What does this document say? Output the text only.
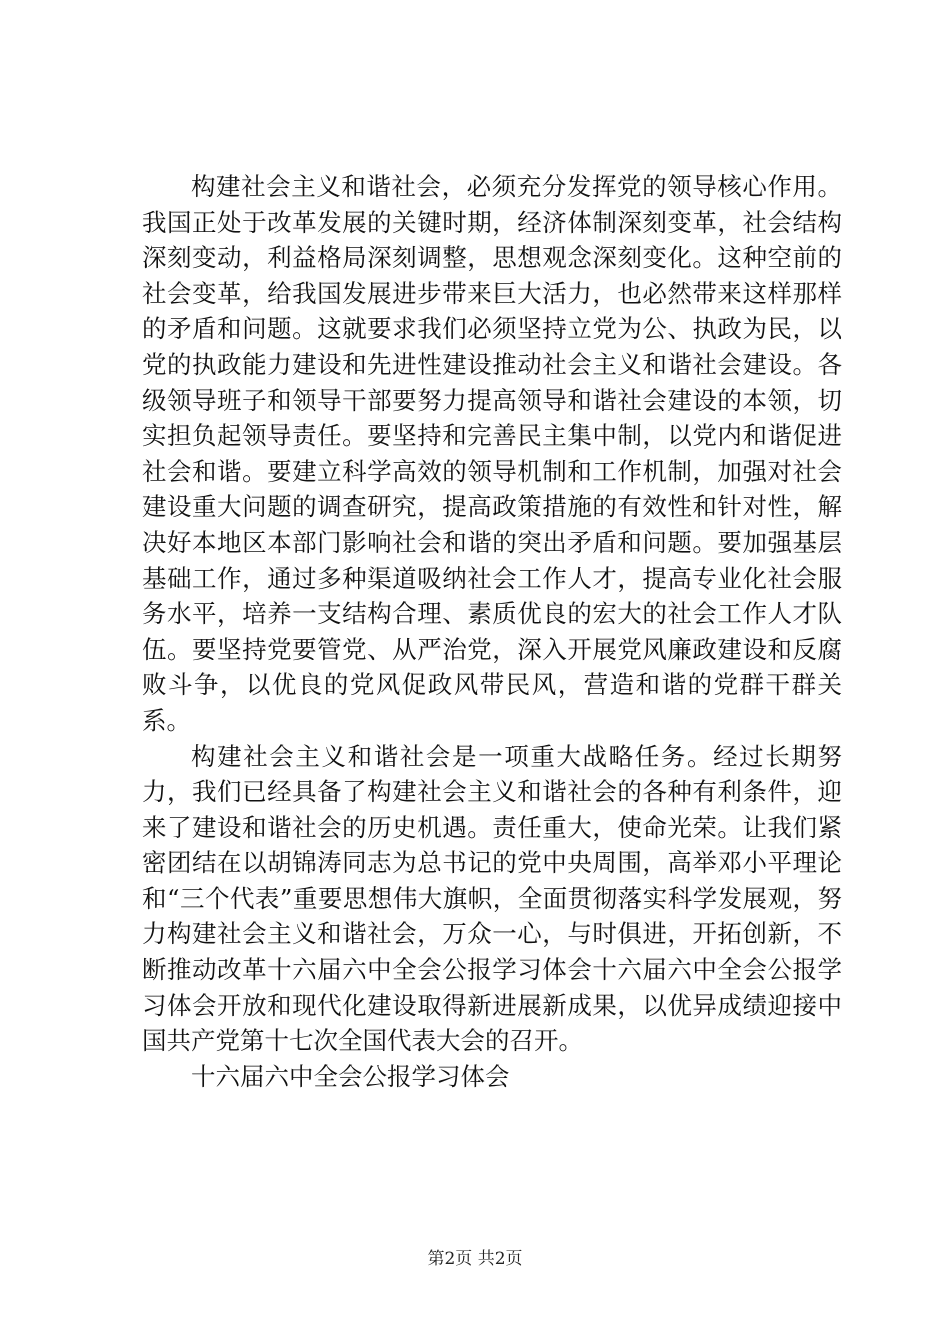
构建社会主义和谐社会，必须充分发挥党的领导核心作用。我国正处于改革发展的关键时期，经济体制深刻变革，社会结构深刻变动，利益格局深刻调整，思想观念深刻变化。这种空前的社会变革，给我国发展进步带来巨大活力，也必然带来这样那样的矛盾和问题。这就要求我们必须坚持立党为公、执政为民，以党的执政能力建设和先进性建设推动社会主义和谐社会建设。各级领导班子和领导干部要努力提高领导和谐社会建设的本领，切实担负起领导责任。要坚持和完善民主集中制，以党内和谐促进社会和谐。要建立科学高效的领导机制和工作机制，加强对社会建设重大问题的调查研究，提高政策措施的有效性和针对性，解决好本地区本部门影响社会和谐的突出矛盾和问题。要加强基层基础工作，通过多种渠道吸纳社会工作人才，提高专业化社会服务水平，培养一支结构合理、素质优良的宏大的社会工作人才队伍。要坚持党要管党、从严治党，深入开展党风廉政建设和反腐败斗争，以优良的党风促政风带民风，营造和谐的党群干群关系。

构建社会主义和谐社会是一项重大战略任务。经过长期努力，我们已经具备了构建社会主义和谐社会的各种有利条件，迎来了建设和谐社会的历史机遇。责任重大，使命光荣。让我们紧密团结在以胡锦涛同志为总书记的党中央周围，高举邓小平理论和“三个代表”重要思想伟大旗帜，全面贯彻落实科学发展观，努力构建社会主义和谐社会，万众一心，与时俱进，开拓创新，不断推动改革十六届六中全会公报学习体会十六届六中全会公报学习体会开放和现代化建设取得新进展新成果，以优异成绩迎接中国共产党第十七次全国代表大会的召开。

十六届六中全会公报学习体会

第2页 共2页
